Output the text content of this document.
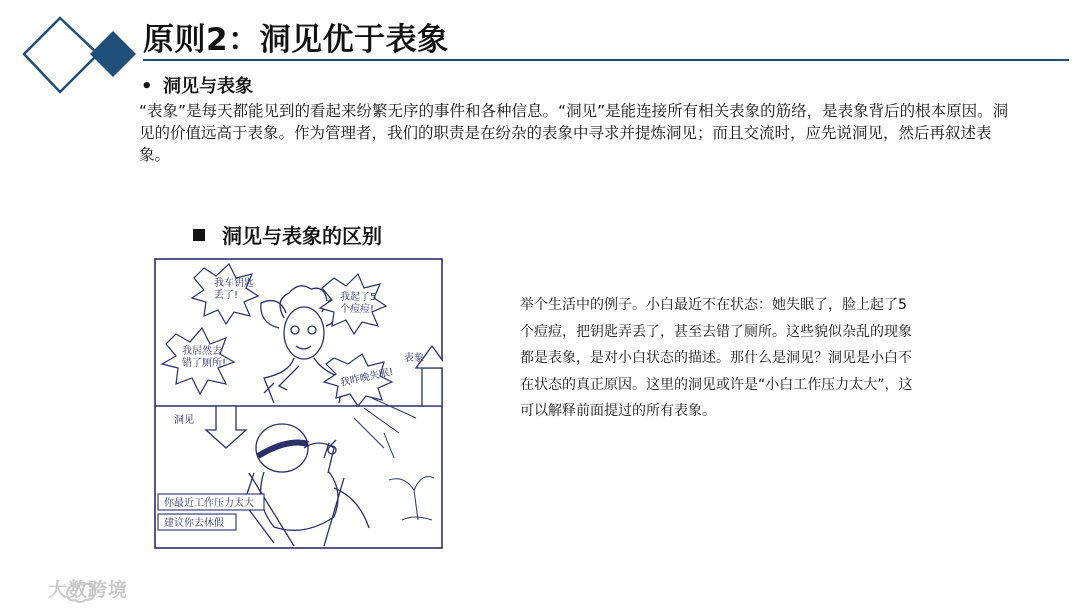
原则2：洞见优于表象
• 洞见与表象
“表象”是每天都能见到的看起来纷繁无序的事件和各种信息。“洞见”是能连接所有相关表象的筋络，是表象背后的根本原因。洞见的价值远高于表象。作为管理者，我们的职责是在纷杂的表象中寻求并提炼洞见；而且交流时，应先说洞见，然后再叙述表象。
洞见与表象的区别
我车钥匙 丢了!	我起了5 个痘痘!
我居然去 错了厕所!
我昨晚失眠!
表象
洞见
你最近工作压力太大
建议你去休假
举个生活中的例子。小白最近不在状态：她失眠了，脸上起了5个痘痘，把钥匙弄丢了，甚至去错了厕所。这些貌似杂乱的现象都是表象，是对小白状态的描述。那什么是洞见？洞见是小白不在状态的真正原因。这里的洞见或许是“小白工作压力太大”，这可以解释前面提过的所有表象。
大数跨境
